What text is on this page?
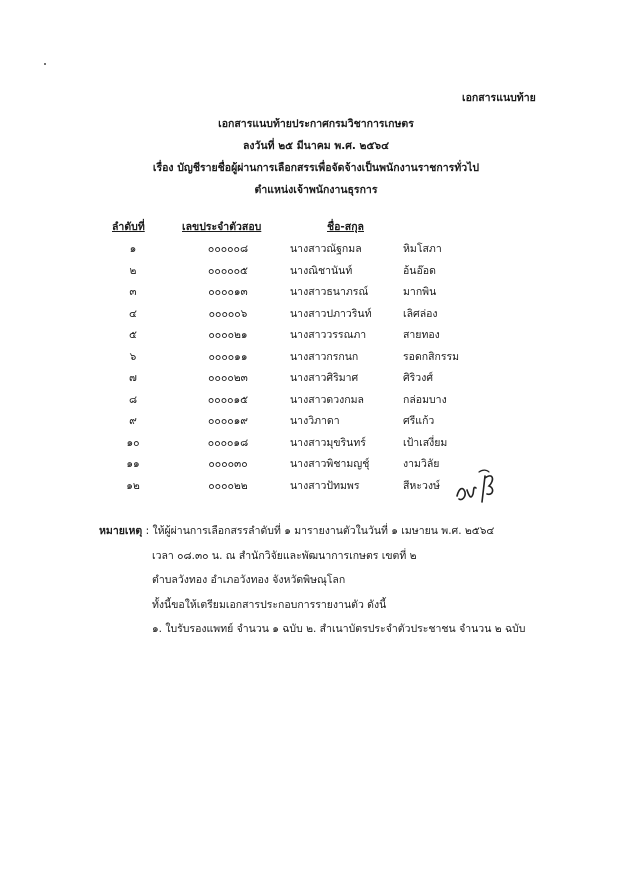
เอกสารแนบท้าย
เอกสารแนบท้ายประกาศกรมวิชาการเกษตร
ลงวันที่ ๒๕ มีนาคม พ.ศ. ๒๕๖๔
เรื่อง บัญชีรายชื่อผู้ผ่านการเลือกสรรเพื่อจัดจ้างเป็นพนักงานราชการทั่วไป
ตำแหน่งเจ้าพนักงานธุรการ
ลำดับที่	เลขประจำตัวสอบ	ชื่อ-สกุล
๑	๐๐๐๐๐๘	นางสาวณัฐกมล	หิมโสภา
๒	๐๐๐๐๐๕	นางณิชานันท์	อ้นอ๊อด
๓	๐๐๐๐๑๓	นางสาวธนาภรณ์	มากพิน
๔	๐๐๐๐๐๖	นางสาวปภาวรินท์	เลิศล่อง
๕	๐๐๐๐๒๑	นางสาววรรณภา	สายทอง
๖	๐๐๐๐๑๑	นางสาวกรกนก	รอดกสิกรรม
๗	๐๐๐๐๒๓	นางสาวศิริมาศ	ศิริวงศ์
๘	๐๐๐๐๑๕	นางสาวดวงกมล	กล่อมบาง
๙	๐๐๐๐๑๙	นางวิภาดา	ศรีแก้ว
๑๐	๐๐๐๐๑๘	นางสาวมุขรินทร์	เป้าเสงี่ยม
๑๑	๐๐๐๐๓๐	นางสาวพิชามญชุ์	งามวิลัย
๑๒	๐๐๐๐๒๒	นางสาวปัทมพร	สีหะวงษ์
หมายเหตุ : ให้ผู้ผ่านการเลือกสรรลำดับที่ ๑ มารายงานตัวในวันที่ ๑ เมษายน พ.ศ. ๒๕๖๔
เวลา ๐๘.๓๐ น. ณ สำนักวิจัยและพัฒนาการเกษตร เขตที่ ๒
ตำบลวังทอง อำเภอวังทอง จังหวัดพิษณุโลก
ทั้งนี้ขอให้เตรียมเอกสารประกอบการรายงานตัว ดังนี้
๑. ใบรับรองแพทย์ จำนวน ๑ ฉบับ ๒. สำเนาบัตรประจำตัวประชาชน จำนวน ๒ ฉบับ
